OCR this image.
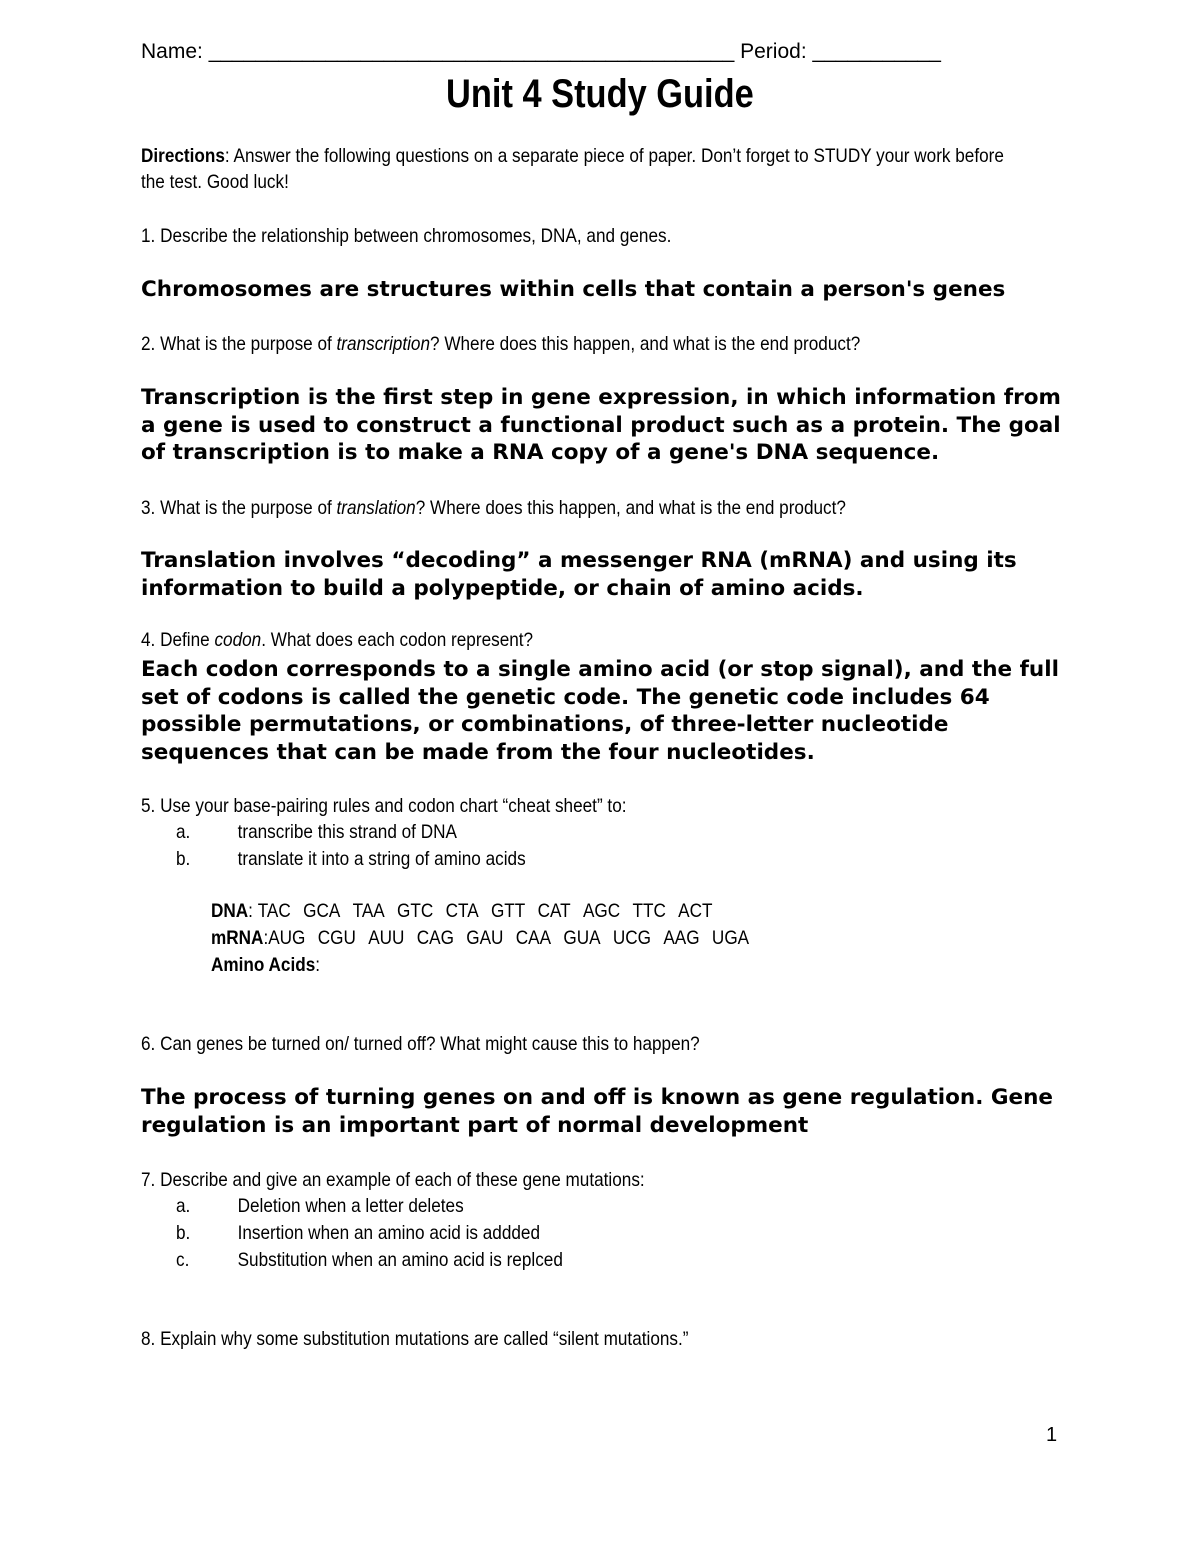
Name: _____________________________________________ Period: ___________
Unit 4 Study Guide
Directions: Answer the following questions on a separate piece of paper. Don’t forget to STUDY your work before
the test. Good luck!
1. Describe the relationship between chromosomes, DNA, and genes.
Chromosomes are structures within cells that contain a person's genes
2. What is the purpose of transcription? Where does this happen, and what is the end product?
Transcription is the first step in gene expression, in which information from a gene is used to construct a functional product such as a protein. The goal of transcription is to make a RNA copy of a gene's DNA sequence.
3. What is the purpose of translation? Where does this happen, and what is the end product?
Translation involves “decoding” a messenger RNA (mRNA) and using its information to build a polypeptide, or chain of amino acids.
4. Define codon. What does each codon represent?
Each codon corresponds to a single amino acid (or stop signal), and the full set of codons is called the genetic code. The genetic code includes 64 possible permutations, or combinations, of three-letter nucleotide sequences that can be made from the four nucleotides.
5. Use your base-pairing rules and codon chart “cheat sheet” to:
a. transcribe this strand of DNA
b. translate it into a string of amino acids
DNA: TAC GCA TAA GTC CTA GTT CAT AGC TTC ACT
mRNA:AUG CGU AUU CAG GAU CAA GUA UCG AAG UGA
Amino Acids:
6. Can genes be turned on/ turned off? What might cause this to happen?
The process of turning genes on and off is known as gene regulation. Gene regulation is an important part of normal development
7. Describe and give an example of each of these gene mutations:
a. Deletion when a letter deletes
b. Insertion when an amino acid is addded
c. Substitution when an amino acid is replced
8. Explain why some substitution mutations are called “silent mutations.”
1
